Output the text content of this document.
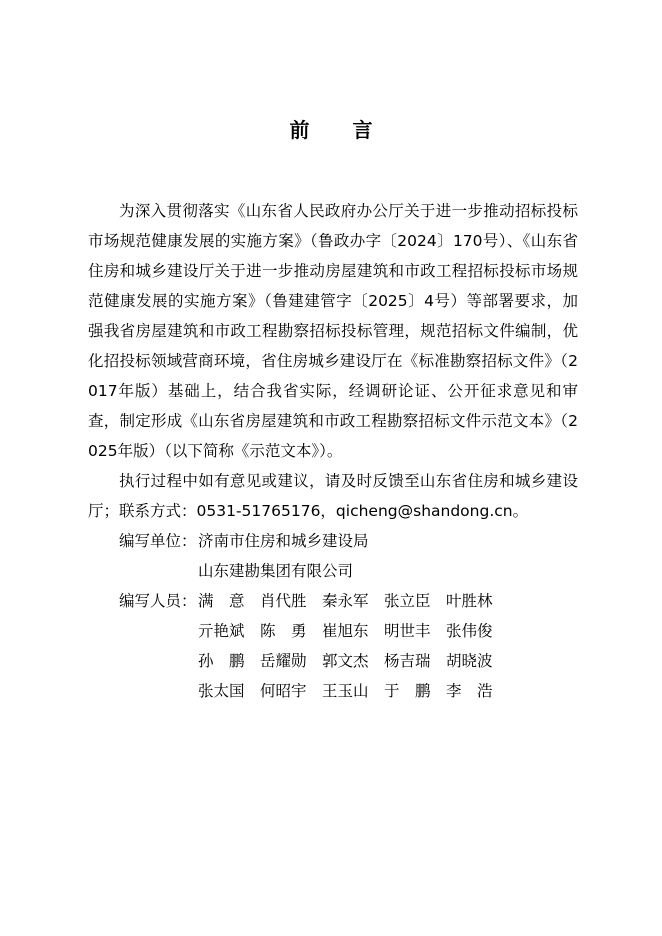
前 言

为深入贯彻落实《山东省人民政府办公厅关于进一步推动招标投标市场规范健康发展的实施方案》（鲁政办字〔2024〕170号）、《山东省住房和城乡建设厅关于进一步推动房屋建筑和市政工程招标投标市场规范健康发展的实施方案》（鲁建建管字〔2025〕4号）等部署要求，加强我省房屋建筑和市政工程勘察招标投标管理，规范招标文件编制，优化招投标领域营商环境，省住房城乡建设厅在《标准勘察招标文件》（2017年版）基础上，结合我省实际，经调研论证、公开征求意见和审查，制定形成《山东省房屋建筑和市政工程勘察招标文件示范文本》（2025年版）（以下简称《示范文本》）。

执行过程中如有意见或建议，请及时反馈至山东省住房和城乡建设厅；联系方式：0531-51765176，qicheng@shandong.cn。

编写单位： 济南市住房和城乡建设局
山东建勘集团有限公司
编写人员： 满　意 肖代胜 秦永军 张立臣 叶胜林
亓艳斌 陈　勇 崔旭东 明世丰 张伟俊
孙　鹏 岳耀勋 郭文杰 杨吉瑞 胡晓波
张太国 何昭宇 王玉山 于　鹏 李　浩
